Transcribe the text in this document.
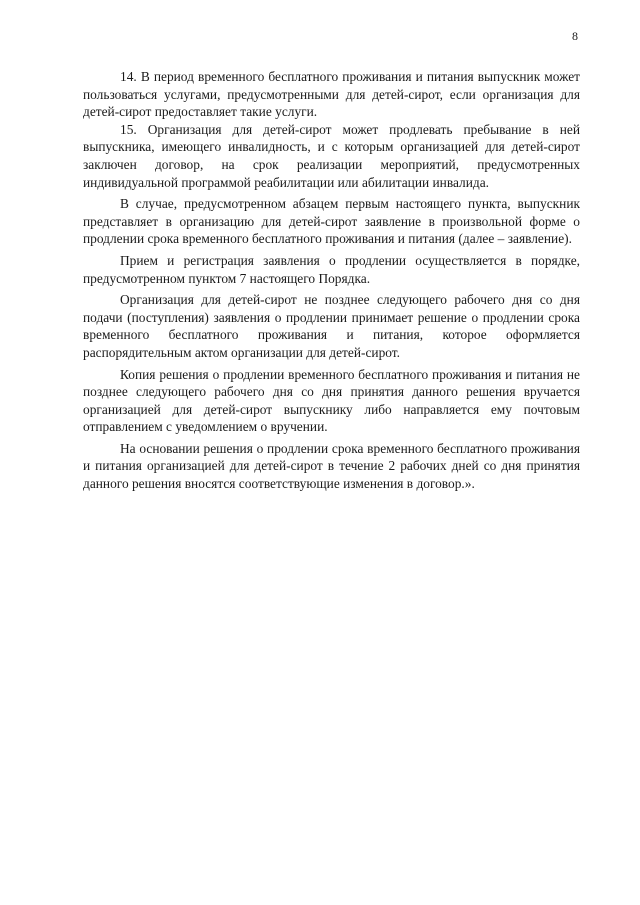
8

14. В период временного бесплатного проживания и питания выпускник может пользоваться услугами, предусмотренными для детей-сирот, если организация для детей-сирот предоставляет такие услуги.

15. Организация для детей-сирот может продлевать пребывание в ней выпускника, имеющего инвалидность, и с которым организацией для детей-сирот заключен договор, на срок реализации мероприятий, предусмотренных индивидуальной программой реабилитации или абилитации инвалида.

В случае, предусмотренном абзацем первым настоящего пункта, выпускник представляет в организацию для детей-сирот заявление в произвольной форме о продлении срока временного бесплатного проживания и питания (далее – заявление).

Прием и регистрация заявления о продлении осуществляется в порядке, предусмотренном пунктом 7 настоящего Порядка.

Организация для детей-сирот не позднее следующего рабочего дня со дня подачи (поступления) заявления о продлении принимает решение о продлении срока временного бесплатного проживания и питания, которое оформляется распорядительным актом организации для детей-сирот.

Копия решения о продлении временного бесплатного проживания и питания не позднее следующего рабочего дня со дня принятия данного решения вручается организацией для детей-сирот выпускнику либо направляется ему почтовым отправлением с уведомлением о вручении.

На основании решения о продлении срока временного бесплатного проживания и питания организацией для детей-сирот в течение 2 рабочих дней со дня принятия данного решения вносятся соответствующие изменения в договор.».
